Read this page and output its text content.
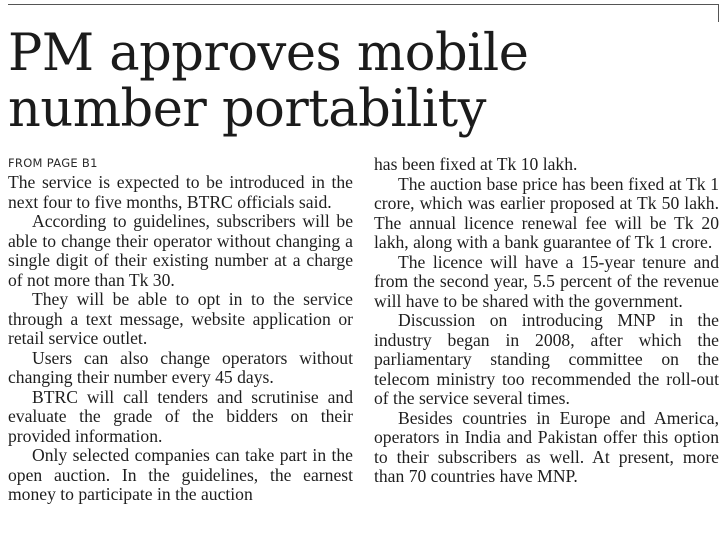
PM approves mobile number portability
FROM PAGE B1

The service is expected to be introduced in the next four to five months, BTRC officials said.

According to guidelines, subscribers will be able to change their operator without changing a single digit of their existing number at a charge of not more than Tk 30.

They will be able to opt in to the service through a text message, website application or retail service outlet.

Users can also change operators without changing their number every 45 days.

BTRC will call tenders and scrutinise and evaluate the grade of the bidders on their provided information.

Only selected companies can take part in the open auction. In the guidelines, the earnest money to participate in the auction

has been fixed at Tk 10 lakh.

The auction base price has been fixed at Tk 1 crore, which was earlier proposed at Tk 50 lakh. The annual licence renewal fee will be Tk 20 lakh, along with a bank guarantee of Tk 1 crore.

The licence will have a 15-year tenure and from the second year, 5.5 percent of the revenue will have to be shared with the government.

Discussion on introducing MNP in the industry began in 2008, after which the parliamentary standing committee on the telecom ministry too recommended the roll-out of the service several times.

Besides countries in Europe and America, operators in India and Pakistan offer this option to their subscribers as well. At present, more than 70 countries have MNP.
